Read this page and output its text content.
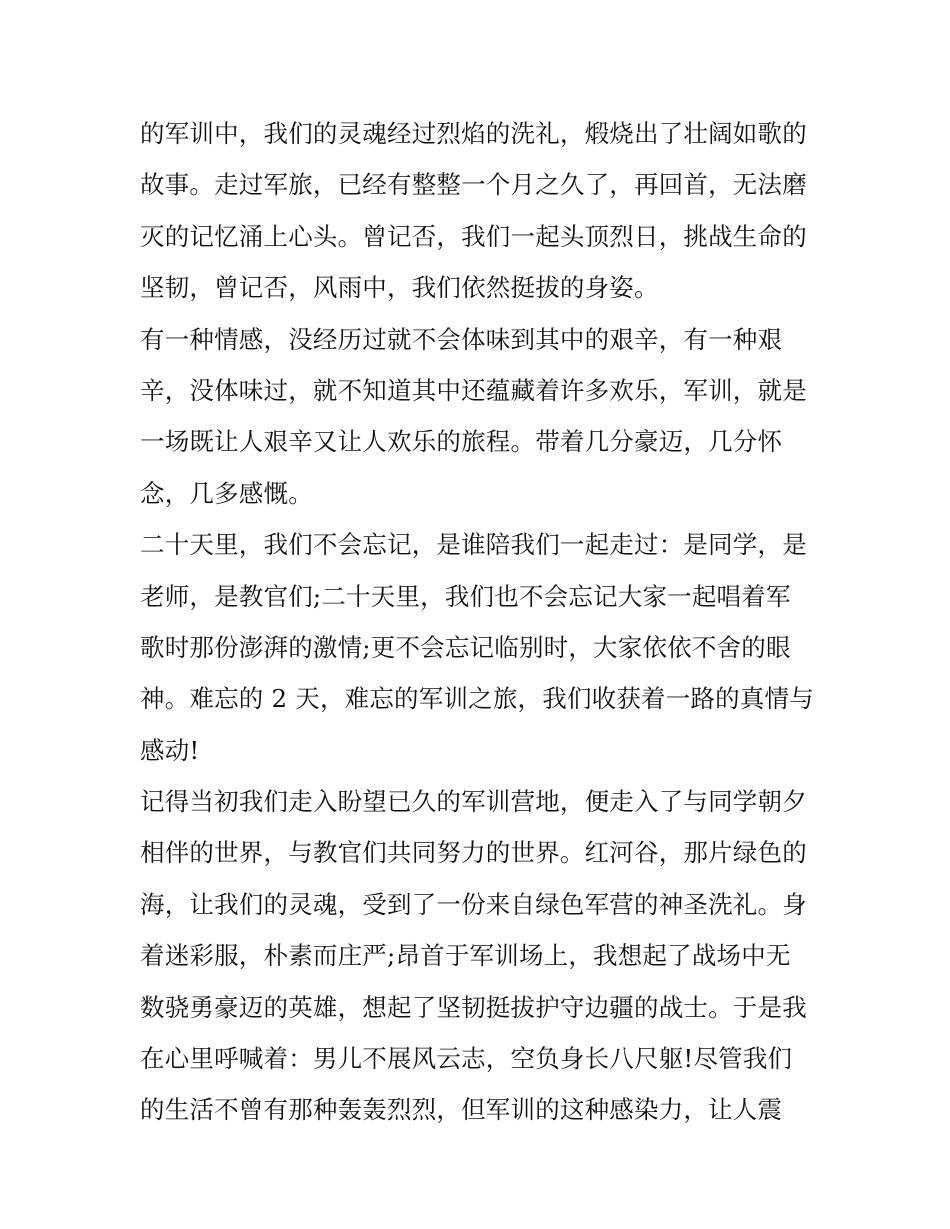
的军训中，我们的灵魂经过烈焰的洗礼，煅烧出了壮阔如歌的
故事。走过军旅，已经有整整一个月之久了，再回首，无法磨
灭的记忆涌上心头。曾记否，我们一起头顶烈日，挑战生命的
坚韧，曾记否，风雨中，我们依然挺拔的身姿。
有一种情感，没经历过就不会体味到其中的艰辛，有一种艰
辛，没体味过，就不知道其中还蕴藏着许多欢乐，军训，就是
一场既让人艰辛又让人欢乐的旅程。带着几分豪迈，几分怀
念，几多感慨。
二十天里，我们不会忘记，是谁陪我们一起走过：是同学，是
老师，是教官们;二十天里，我们也不会忘记大家一起唱着军
歌时那份澎湃的激情;更不会忘记临别时，大家依依不舍的眼
神。难忘的 2 天，难忘的军训之旅，我们收获着一路的真情与
感动!
记得当初我们走入盼望已久的军训营地，便走入了与同学朝夕
相伴的世界，与教官们共同努力的世界。红河谷，那片绿色的
海，让我们的灵魂，受到了一份来自绿色军营的神圣洗礼。身
着迷彩服，朴素而庄严;昂首于军训场上，我想起了战场中无
数骁勇豪迈的英雄，想起了坚韧挺拔护守边疆的战士。于是我
在心里呼喊着：男儿不展风云志，空负身长八尺躯!尽管我们
的生活不曾有那种轰轰烈烈，但军训的这种感染力，让人震
